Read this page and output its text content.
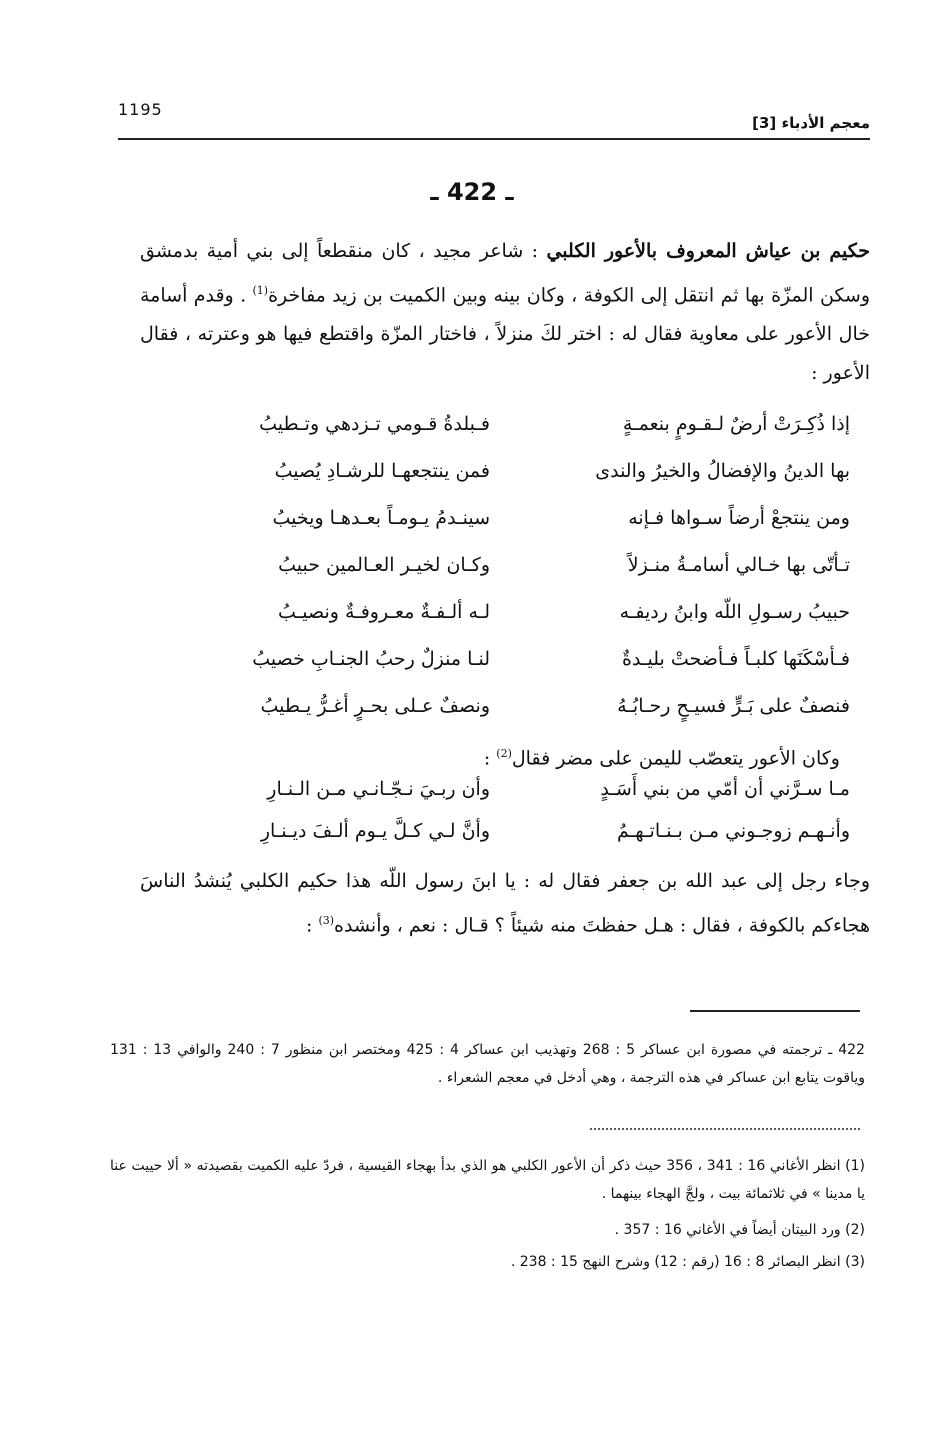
1195
معجم الأدباء [3]
ـ 422 ـ
حكيم بن عياش المعروف بالأعور الكلبي : شاعر مجيد ، كان منقطعاً إلى بني أمية بدمشق وسكن المزّة بها ثم انتقل إلى الكوفة ، وكان بينه وبين الكميت بن زيد مفاخرة$^{(1)}$ . وقدم أسامة خال الأعور على معاوية فقال له : اختر لكَ منزلاً ، فاختار المزّة واقتطع فيها هو وعترته ، فقال الأعور :
إذا ذُكِـرَتْ أرضٌ لـقـومٍ بنعمـةٍ
فـبلدةُ قـومي تـزدهي وتـطيبُ
بها الدينُ والإفضالُ والخيرُ والندى
فمن ينتجعهـا للرشـادِ يُصيبُ
ومن ينتجعْ أرضاً سـواها فـإنه
سينـدمُ يـومـاً بعـدهـا ويخيبُ
تـأتّى بها خـالي أسامـةُ منـزلاً
وكـان لخيـر العـالمين حبيبُ
حبيبُ رسـولِ اللّه وابنُ رديفـه
لـه ألـفـةٌ معـروفـةٌ ونصيـبُ
فـأسْكَنَها كلبـاً فـأضحتْ بليـدةٌ
لنـا منزلٌ رحبُ الجنـابِ خصيبُ
فنصفٌ على بَـرٍّ فسيـحٍ رحـابُـهُ
ونصفٌ عـلى بحـرٍ أغـرُّ يـطيبُ
وكان الأعور يتعصّب لليمن على مضر فقال$^{(2)}$ :
مـا سـرَّني أن أمّي من بني أَسَـدٍ
وأن ربـيَ نـجّـانـي مـن الـنـارِ
وأنـهـم زوجـوني مـن بـنـاتـهـمُ
وأنَّ لـي كـلَّ يـوم ألـفَ ديـنـارِ
وجاء رجل إلى عبد الله بن جعفر فقال له : يا ابنَ رسول اللّه هذا حكيم الكلبي يُنشدُ الناسَ هجاءكم بالكوفة ، فقال : هـل حفظتَ منه شيئاً ؟ قـال : نعم ، وأنشده$^{(3)}$ :
422 ـ ترجمته في مصورة ابن عساكر 5 : 268 وتهذيب ابن عساكر 4 : 425 ومختصر ابن منظور 7 : 240 والوافي 13 : 131 وياقوت يتابع ابن عساكر في هذه الترجمة ، وهي أدخل في معجم الشعراء .
(1) انظر الأغاني 16 : 341 ، 356 حيث ذكر أن الأعور الكلبي هو الذي بدأ بهجاء القيسية ، فردّ عليه الكميت بقصيدته « ألا حييت عنا يا مدينا » في ثلاثمائة بيت ، ولجَّ الهجاء بينهما .
(2) ورد البيتان أيضاً في الأغاني 16 : 357 .
(3) انظر البصائر 8 : 16 (رقم : 12) وشرح النهج 15 : 238 .
